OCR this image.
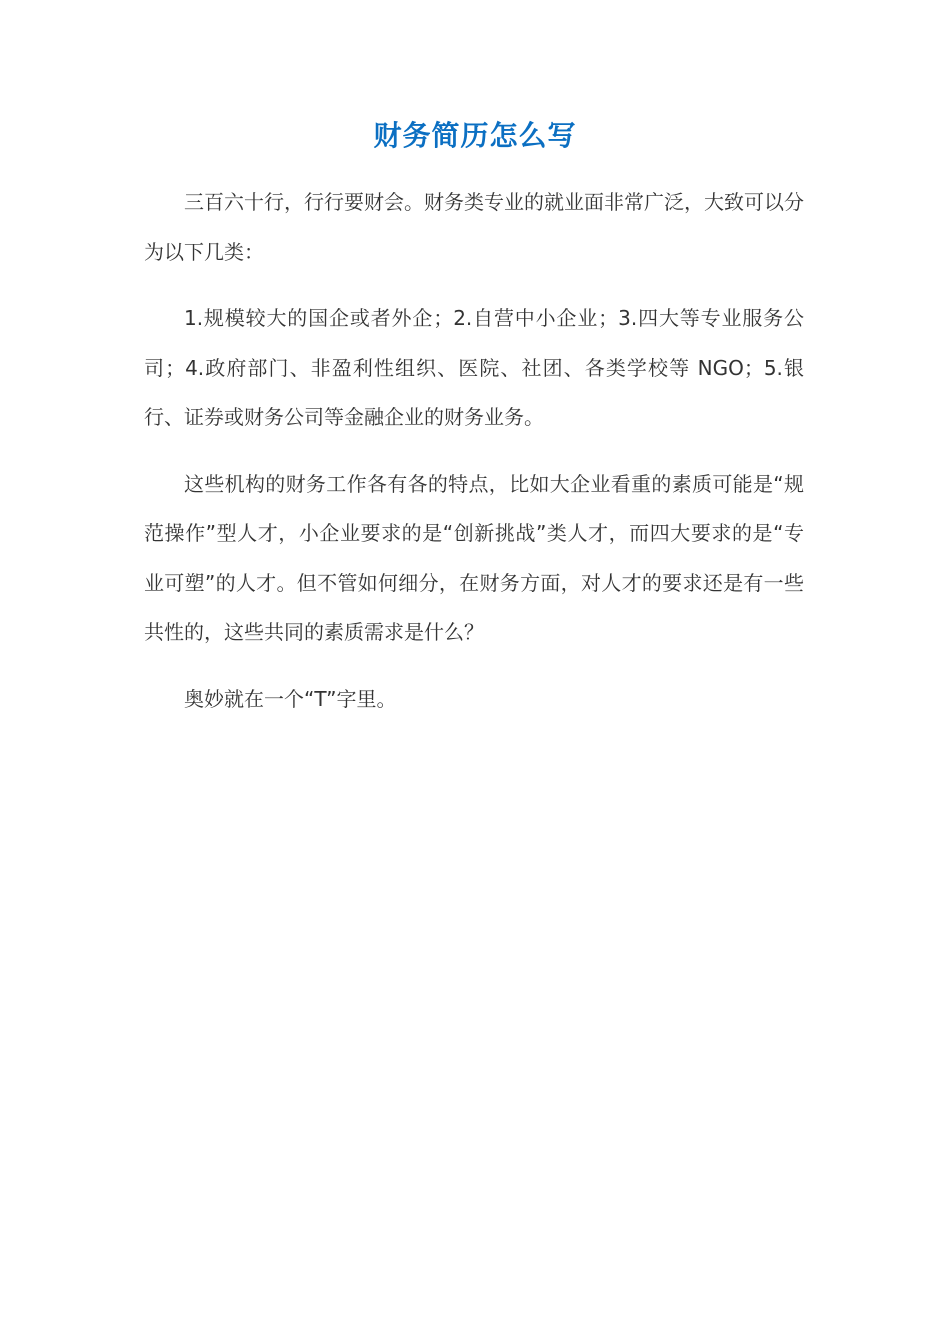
财务简历怎么写

三百六十行，行行要财会。财务类专业的就业面非常广泛，大致可以分为以下几类：

1.规模较大的国企或者外企；2.自营中小企业；3.四大等专业服务公司；4.政府部门、非盈利性组织、医院、社团、各类学校等 NGO；5.银行、证券或财务公司等金融企业的财务业务。

这些机构的财务工作各有各的特点，比如大企业看重的素质可能是“规范操作”型人才，小企业要求的是“创新挑战”类人才，而四大要求的是“专业可塑”的人才。但不管如何细分，在财务方面，对人才的要求还是有一些共性的，这些共同的素质需求是什么？

奥妙就在一个“T”字里。
